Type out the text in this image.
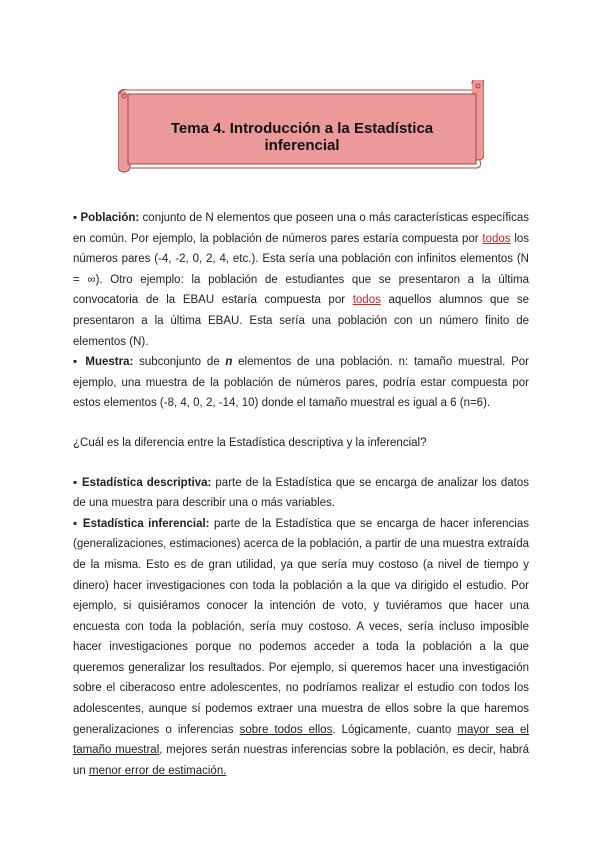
Tema 4. Introducción a la Estadística inferencial

▪ Población: conjunto de N elementos que poseen una o más características específicas en común. Por ejemplo, la población de números pares estaría compuesta por todos los números pares (-4, -2, 0, 2, 4, etc.). Esta sería una población con infinitos elementos (N = ∞). Otro ejemplo: la población de estudiantes que se presentaron a la última convocatoria de la EBAU estaría compuesta por todos aquellos alumnos que se presentaron a la última EBAU. Esta sería una población con un número finito de elementos (N).

▪ Muestra: subconjunto de n elementos de una población. n: tamaño muestral. Por ejemplo, una muestra de la población de números pares, podría estar compuesta por estos elementos (-8, 4, 0, 2, -14, 10) donde el tamaño muestral es igual a 6 (n=6).

¿Cuál es la diferencia entre la Estadística descriptiva y la inferencial?

▪ Estadística descriptiva: parte de la Estadística que se encarga de analizar los datos de una muestra para describir una o más variables.

▪ Estadística inferencial: parte de la Estadística que se encarga de hacer inferencias (generalizaciones, estimaciones) acerca de la población, a partir de una muestra extraída de la misma. Esto es de gran utilidad, ya que sería muy costoso (a nivel de tiempo y dinero) hacer investigaciones con toda la población a la que va dirigido el estudio. Por ejemplo, si quisiéramos conocer la intención de voto, y tuviéramos que hacer una encuesta con toda la población, sería muy costoso. A veces, sería incluso imposible hacer investigaciones porque no podemos acceder a toda la población a la que queremos generalizar los resultados. Por ejemplo, si queremos hacer una investigación sobre el ciberacoso entre adolescentes, no podríamos realizar el estudio con todos los adolescentes, aunque sí podemos extraer una muestra de ellos sobre la que haremos generalizaciones o inferencias sobre todos ellos. Lógicamente, cuanto mayor sea el tamaño muestral, mejores serán nuestras inferencias sobre la población, es decir, habrá un menor error de estimación.
